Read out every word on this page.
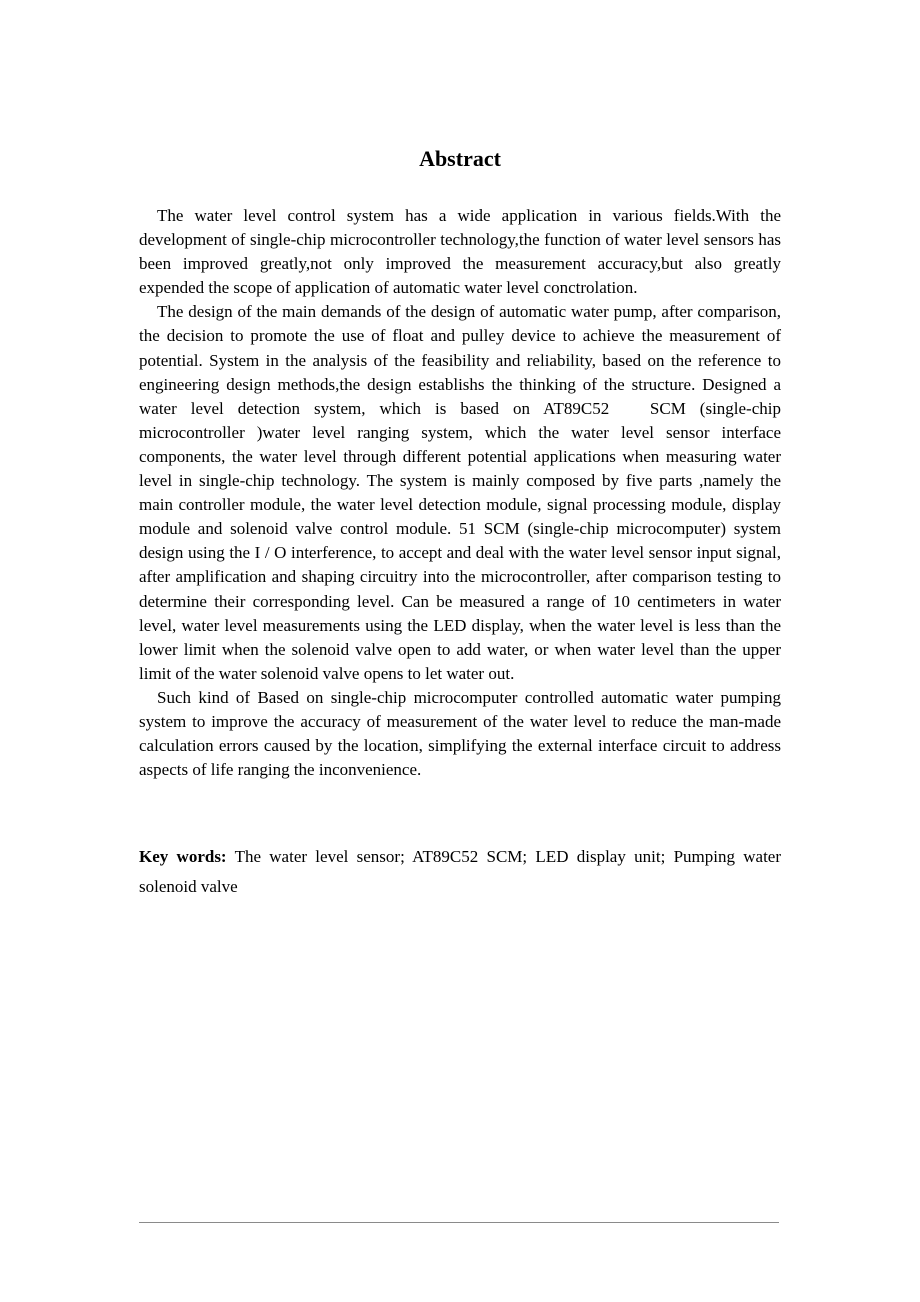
Abstract

The water level control system has a wide application in various fields.With the development of single-chip microcontroller technology,the function of water level sensors has been improved greatly,not only improved the measurement accuracy,but also greatly expended the scope of application of automatic water level conctrolation.

The design of the main demands of the design of automatic water pump, after comparison, the decision to promote the use of float and pulley device to achieve the measurement of potential. System in the analysis of the feasibility and reliability, based on the reference to engineering design methods,the design establishs the thinking of the structure. Designed a water level detection system, which is based on AT89C52 　SCM (single-chip microcontroller )water level ranging system, which the water level sensor interface components, the water level through different potential applications when measuring water level in single-chip technology. The system is mainly composed by five parts ,namely the main controller module, the water level detection module, signal processing module, display module and solenoid valve control module. 51 SCM (single-chip microcomputer) system design using the I / O interference, to accept and deal with the water level sensor input signal, after amplification and shaping circuitry into the microcontroller, after comparison testing to determine their corresponding level. Can be measured a range of 10 centimeters in water level, water level measurements using the LED display, when the water level is less than the lower limit when the solenoid valve open to add water, or when water level than the upper limit of the water solenoid valve opens to let water out.

Such kind of Based on single-chip microcomputer controlled automatic water pumping system to improve the accuracy of measurement of the water level to reduce the man-made calculation errors caused by the location, simplifying the external interface circuit to address aspects of life ranging the inconvenience.

Key words: The water level sensor; AT89C52 SCM; LED display unit; Pumping water solenoid valve
